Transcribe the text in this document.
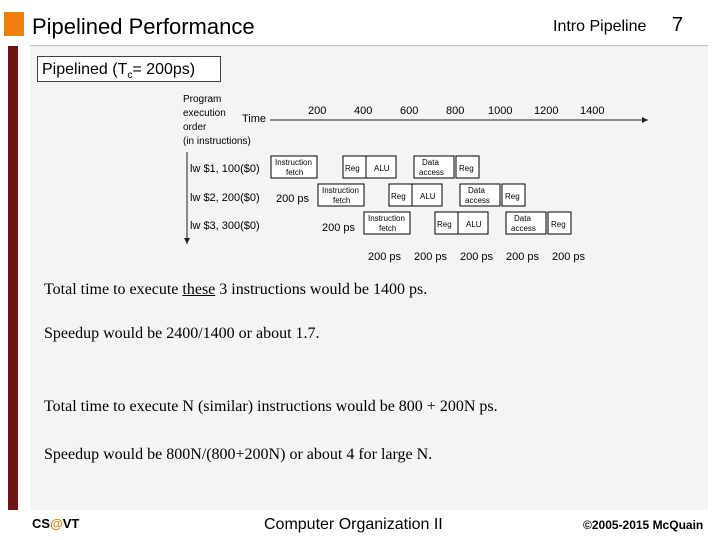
Pipelined Performance	Intro Pipeline 7
Pipelined $(T_c= 200ps)$
Program
execution
order
(in instructions)
Time
200	400	600	800 1000 1200 1400
lw $1, 100($0)
lw $2, 200($0)
lw $3, 300($0)
Instruction
fetch	Reg ALU
Data
access Reg
Instruction
fetch	Reg ALU
Data
access Reg
200 ps
Instruction
fetch	Reg ALU
Data
access Reg
200 ps
200 ps 200 ps 200 ps 200 ps 200 ps
Total time to execute these 3 instructions would be 1400 ps.
Speedup would be 2400/1400 or about 1.7.
Total time to execute N (similar) instructions would be 800 + 200N ps.
Speedup would be 800N/(800+200N) or about 4 for large N.
CS@VT	Computer Organization II	©2005-2015 McQuain
